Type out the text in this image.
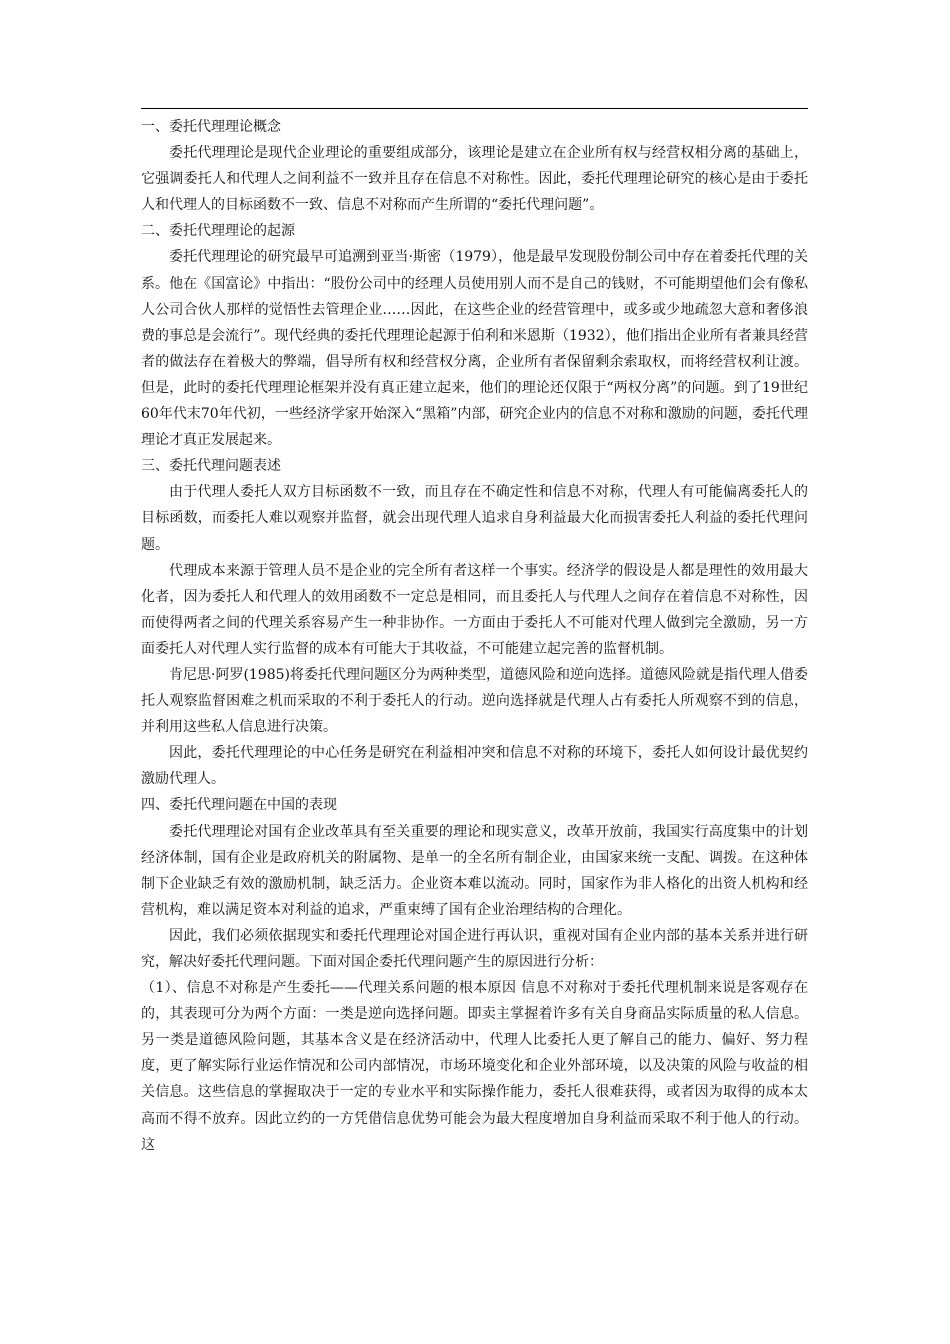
一、委托代理理论概念

委托代理理论是现代企业理论的重要组成部分，该理论是建立在企业所有权与经营权相分离的基础上，它强调委托人和代理人之间利益不一致并且存在信息不对称性。因此，委托代理理论研究的核心是由于委托人和代理人的目标函数不一致、信息不对称而产生所谓的“委托代理问题”。

二、委托代理理论的起源

委托代理理论的研究最早可追溯到亚当·斯密（1979），他是最早发现股份制公司中存在着委托代理的关系。他在《国富论》中指出：“股份公司中的经理人员使用别人而不是自己的钱财，不可能期望他们会有像私人公司合伙人那样的觉悟性去管理企业……因此，在这些企业的经营管理中，或多或少地疏忽大意和奢侈浪费的事总是会流行”。现代经典的委托代理理论起源于伯利和米恩斯（1932），他们指出企业所有者兼具经营者的做法存在着极大的弊端，倡导所有权和经营权分离，企业所有者保留剩余索取权，而将经营权利让渡。但是，此时的委托代理理论框架并没有真正建立起来，他们的理论还仅限于“两权分离”的问题。到了19世纪60年代末70年代初，一些经济学家开始深入“黑箱”内部，研究企业内的信息不对称和激励的问题，委托代理理论才真正发展起来。

三、委托代理问题表述

由于代理人委托人双方目标函数不一致，而且存在不确定性和信息不对称，代理人有可能偏离委托人的目标函数，而委托人难以观察并监督，就会出现代理人追求自身利益最大化而损害委托人利益的委托代理问题。

代理成本来源于管理人员不是企业的完全所有者这样一个事实。经济学的假设是人都是理性的效用最大化者，因为委托人和代理人的效用函数不一定总是相同，而且委托人与代理人之间存在着信息不对称性，因而使得两者之间的代理关系容易产生一种非协作。一方面由于委托人不可能对代理人做到完全激励，另一方面委托人对代理人实行监督的成本有可能大于其收益，不可能建立起完善的监督机制。

肯尼思·阿罗(1985)将委托代理问题区分为两种类型，道德风险和逆向选择。道德风险就是指代理人借委托人观察监督困难之机而采取的不利于委托人的行动。逆向选择就是代理人占有委托人所观察不到的信息，并利用这些私人信息进行决策。

因此，委托代理理论的中心任务是研究在利益相冲突和信息不对称的环境下，委托人如何设计最优契约激励代理人。

四、委托代理问题在中国的表现

委托代理理论对国有企业改革具有至关重要的理论和现实意义，改革开放前，我国实行高度集中的计划经济体制，国有企业是政府机关的附属物、是单一的全名所有制企业，由国家来统一支配、调拨。在这种体制下企业缺乏有效的激励机制，缺乏活力。企业资本难以流动。同时，国家作为非人格化的出资人机构和经营机构，难以满足资本对利益的追求，严重束缚了国有企业治理结构的合理化。

因此，我们必须依据现实和委托代理理论对国企进行再认识，重视对国有企业内部的基本关系并进行研究，解决好委托代理问题。下面对国企委托代理问题产生的原因进行分析：

（1）、信息不对称是产生委托——代理关系问题的根本原因 信息不对称对于委托代理机制来说是客观存在的，其表现可分为两个方面：一类是逆向选择问题。即卖主掌握着许多有关自身商品实际质量的私人信息。另一类是道德风险问题，其基本含义是在经济活动中，代理人比委托人更了解自己的能力、偏好、努力程度，更了解实际行业运作情况和公司内部情况，市场环境变化和企业外部环境，以及决策的风险与收益的相关信息。这些信息的掌握取决于一定的专业水平和实际操作能力，委托人很难获得，或者因为取得的成本太高而不得不放弃。因此立约的一方凭借信息优势可能会为最大程度增加自身利益而采取不利于他人的行动。这
